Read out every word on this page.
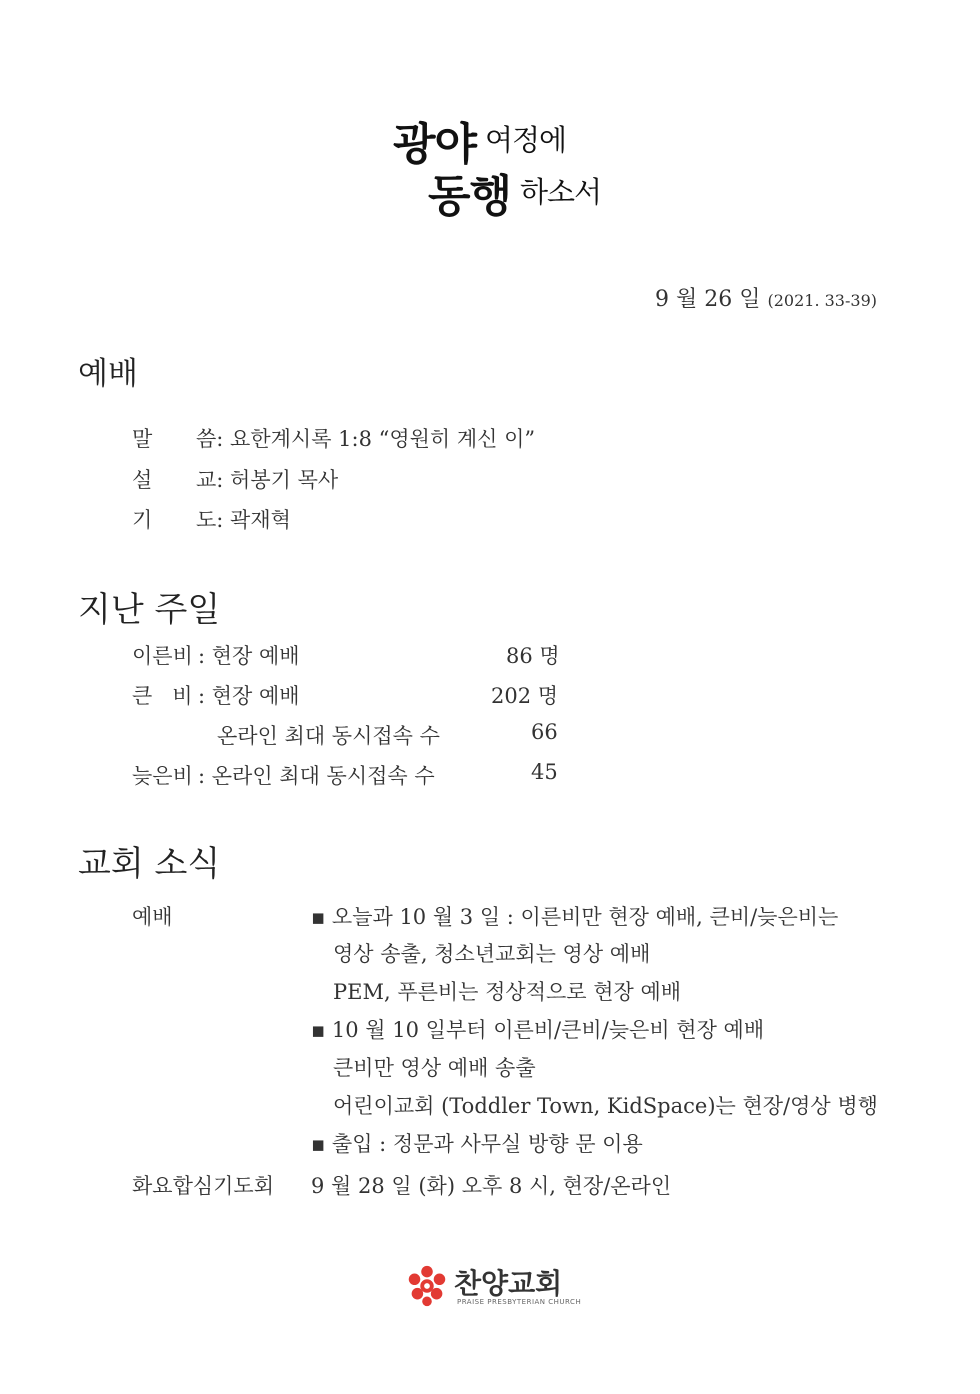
광야 여정에
동행 하소서
9 월 26 일 (2021. 33-39)
예배
말 씀: 요한계시록 1:8 “영원히 계신 이”
설 교: 허봉기 목사
기 도: 곽재혁
지난 주일
이른비 : 현장 예배	86 명
큰   비 : 현장 예배	202 명
온라인 최대 동시접속 수	66
늦은비 : 온라인 최대 동시접속 수	45
교회 소식
예배	▪ 오늘과 10 월 3 일 : 이른비만 현장 예배, 큰비/늦은비는
영상 송출, 청소년교회는 영상 예배
PEM, 푸른비는 정상적으로 현장 예배
▪ 10 월 10 일부터 이른비/큰비/늦은비 현장 예배
큰비만 영상 예배 송출
어린이교회 (Toddler Town, KidSpace)는 현장/영상 병행
▪ 출입 : 정문과 사무실 방향 문 이용
화요합심기도회 9 월 28 일 (화) 오후 8 시, 현장/온라인
찬양교회
PRAISE PRESBYTERIAN CHURCH
